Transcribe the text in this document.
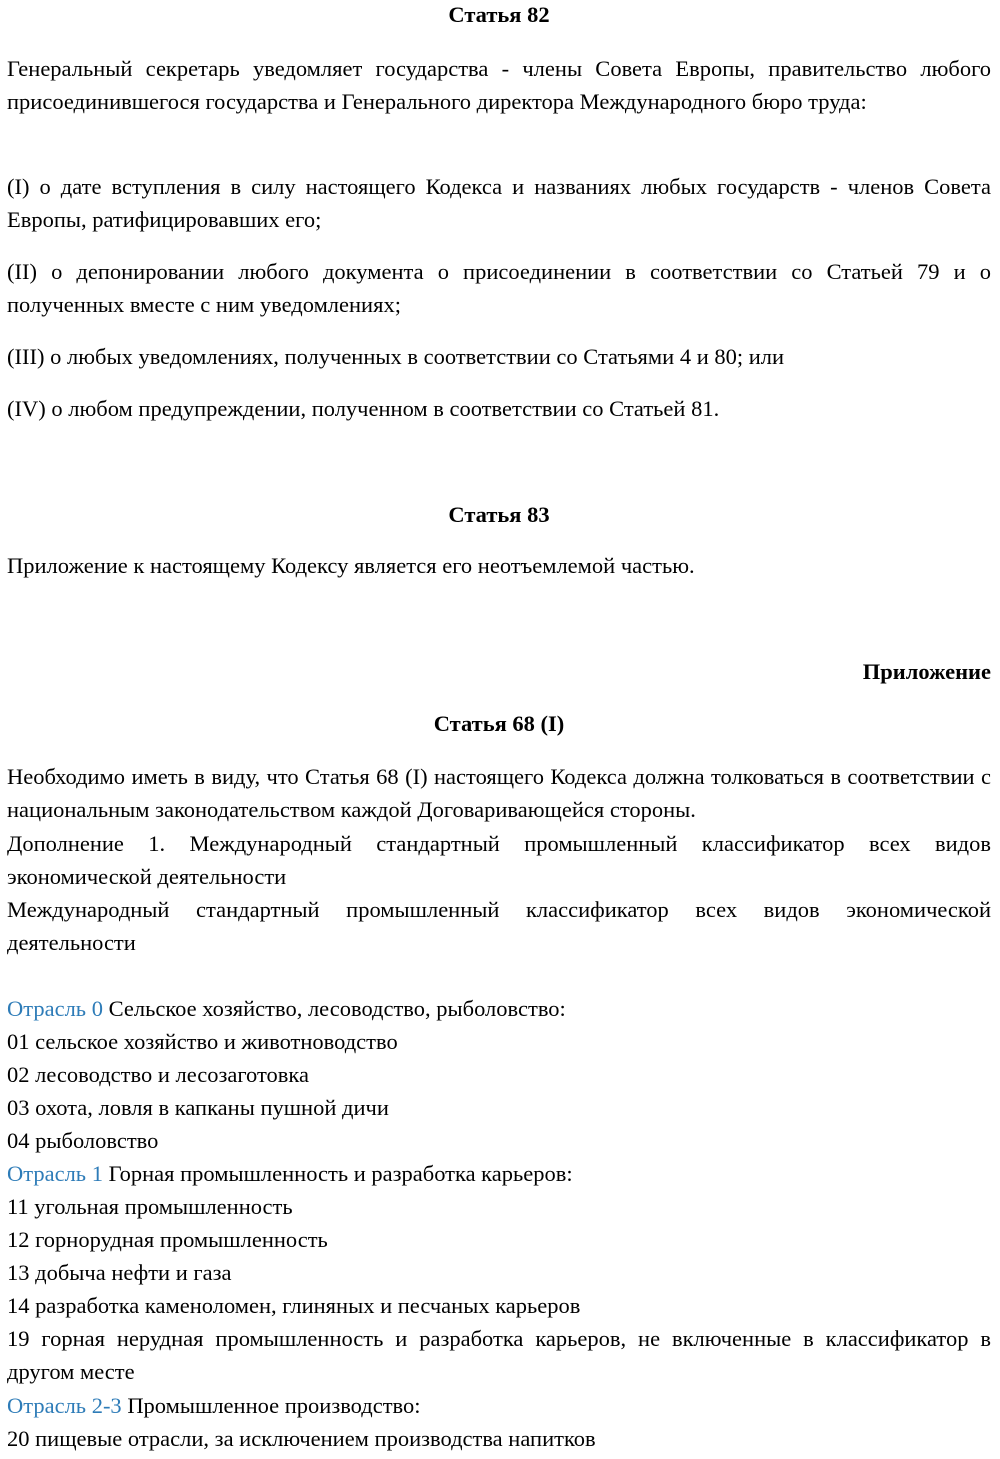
Статья 82

Генеральный секретарь уведомляет государства - члены Совета Европы, правительство любого присоединившегося государства и Генерального директора Международного бюро труда:

(I) о дате вступления в силу настоящего Кодекса и названиях любых государств - членов Совета Европы, ратифицировавших его;

(II) о депонировании любого документа о присоединении в соответствии со Статьей 79 и о полученных вместе с ним уведомлениях;

(III) о любых уведомлениях, полученных в соответствии со Статьями 4 и 80; или

(IV) о любом предупреждении, полученном в соответствии со Статьей 81.

Статья 83

Приложение к настоящему Кодексу является его неотъемлемой частью.

Приложение
Статья 68 (I)

Необходимо иметь в виду, что Статья 68 (I) настоящего Кодекса должна толковаться в соответствии с национальным законодательством каждой Договаривающейся стороны.

Дополнение 1. Международный стандартный промышленный классификатор всех видов экономической деятельности

Международный стандартный промышленный классификатор всех видов экономической деятельности

Отрасль 0 Сельское хозяйство, лесоводство, рыболовство:
01 сельское хозяйство и животноводство
02 лесоводство и лесозаготовка
03 охота, ловля в капканы пушной дичи
04 рыболовство
Отрасль 1 Горная промышленность и разработка карьеров:
11 угольная промышленность
12 горнорудная промышленность
13 добыча нефти и газа
14 разработка каменоломен, глиняных и песчаных карьеров
19 горная нерудная промышленность и разработка карьеров, не включенные в классификатор в другом месте
Отрасль 2-3 Промышленное производство:
20 пищевые отрасли, за исключением производства напитков
